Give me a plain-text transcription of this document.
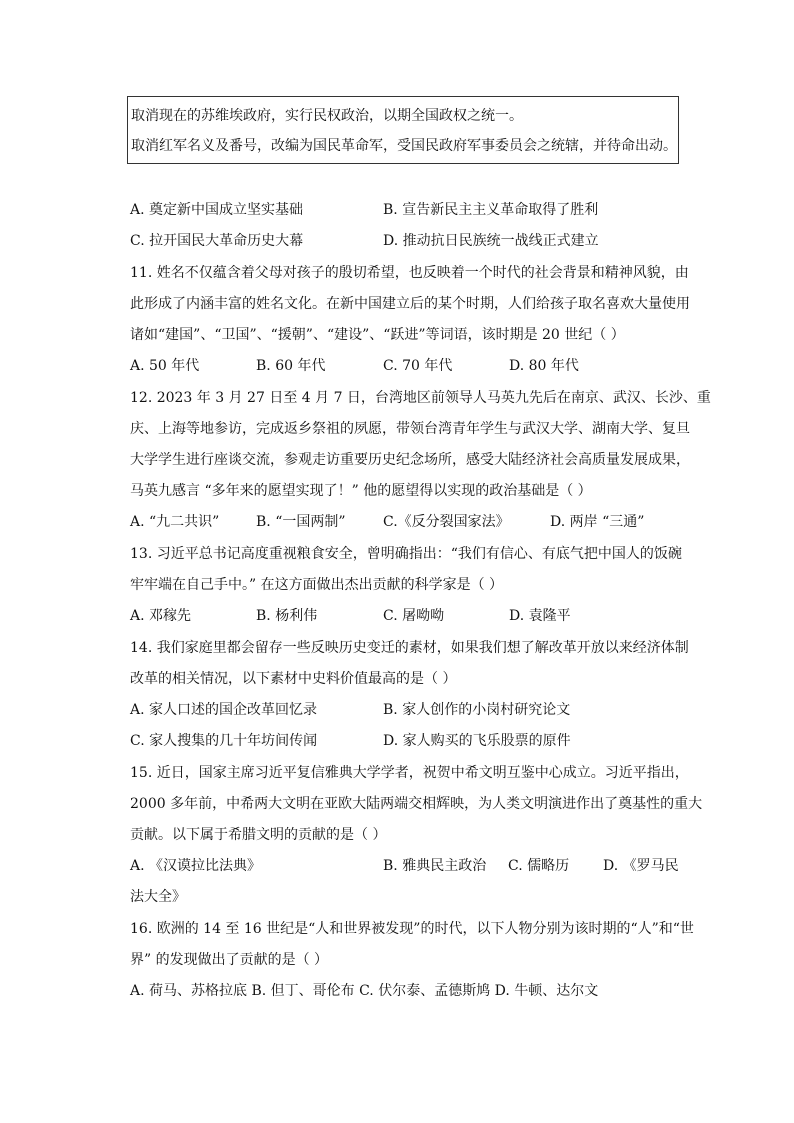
取消现在的苏维埃政府，实行民权政治，以期全国政权之统一。
取消红军名义及番号，改编为国民革命军，受国民政府军事委员会之统辖，并待命出动。
A. 奠定新中国成立坚实基础	B. 宣告新民主主义革命取得了胜利
C. 拉开国民大革命历史大幕	D. 推动抗日民族统一战线正式建立
11. 姓名不仅蕴含着父母对孩子的殷切希望，也反映着一个时代的社会背景和精神风貌，由
此形成了内涵丰富的姓名文化。在新中国建立后的某个时期，人们给孩子取名喜欢大量使用
诸如“建国”、“卫国”、“援朝”、“建设”、“跃进”等词语，该时期是 20 世纪（ ）
A. 50 年代	B. 60 年代	C. 70 年代	D. 80 年代
12. 2023 年 3 月 27 日至 4 月 7 日，台湾地区前领导人马英九先后在南京、武汉、长沙、重
庆、上海等地参访，完成返乡祭祖的夙愿，带领台湾青年学生与武汉大学、湖南大学、复旦
大学学生进行座谈交流，参观走访重要历史纪念场所，感受大陆经济社会高质量发展成果，
马英九感言 “多年来的愿望实现了！” 他的愿望得以实现的政治基础是（ ）
A. “九二共识”	B. “一国两制”	C.《反分裂国家法》	D. 两岸 “三通”
13. 习近平总书记高度重视粮食安全，曾明确指出：“我们有信心、有底气把中国人的饭碗
牢牢端在自己手中。” 在这方面做出杰出贡献的科学家是（ ）
A. 邓稼先	B. 杨利伟	C. 屠呦呦	D. 袁隆平
14. 我们家庭里都会留存一些反映历史变迁的素材，如果我们想了解改革开放以来经济体制
改革的相关情况，以下素材中史料价值最高的是（ ）
A. 家人口述的国企改革回忆录	B. 家人创作的小岗村研究论文
C. 家人搜集的几十年坊间传闻	D. 家人购买的飞乐股票的原件
15. 近日，国家主席习近平复信雅典大学学者，祝贺中希文明互鉴中心成立。习近平指出，
2000 多年前，中希两大文明在亚欧大陆两端交相辉映，为人类文明演进作出了奠基性的重大
贡献。以下属于希腊文明的贡献的是（ ）
A. 《汉谟拉比法典》	B. 雅典民主政治 C. 儒略历 D. 《罗马民
法大全》
16. 欧洲的 14 至 16 世纪是“人和世界被发现”的时代，以下人物分别为该时期的“人”和“世
界” 的发现做出了贡献的是（ ）
A. 荷马、苏格拉底 B. 但丁、哥伦布 C. 伏尔泰、孟德斯鸠 D. 牛顿、达尔文
